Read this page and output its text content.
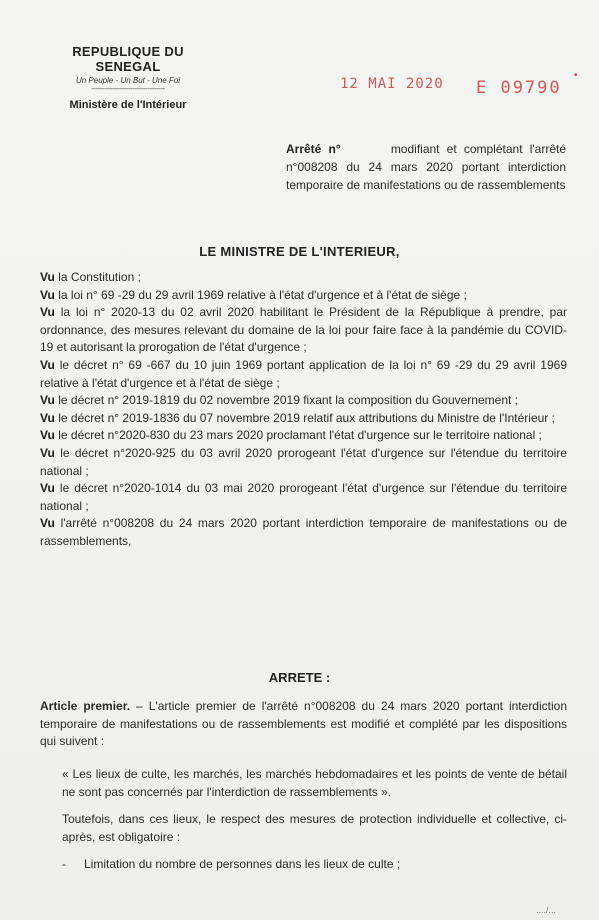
REPUBLIQUE DU SENEGAL
Un Peuple - Un But - Une Foi
----------------------------------
Ministère de l'Intérieur
12 MAI 2020
•
E 09790
Arrêté n°	modifiant et complétant l'arrêté n°008208 du 24 mars 2020 portant interdiction temporaire de manifestations ou de rassemblements
LE MINISTRE DE L'INTERIEUR,

Vu la Constitution ;

Vu la loi n° 69 -29 du 29 avril 1969 relative à l'état d'urgence et à l'état de siège ;

Vu la loi n° 2020-13 du 02 avril 2020 habilitant le Président de la République à prendre, par ordonnance, des mesures relevant du domaine de la loi pour faire face à la pandémie du COVID-19 et autorisant la prorogation de l'état d'urgence ;

Vu le décret n° 69 -667 du 10 juin 1969 portant application de la loi n° 69 -29 du 29 avril 1969 relative à l'état d'urgence et à l'état de siège ;

Vu le décret n° 2019-1819 du 02 novembre 2019 fixant la composition du Gouvernement ;

Vu le décret n° 2019-1836 du 07 novembre 2019 relatif aux attributions du Ministre de l'Intérieur ;

Vu le décret n°2020-830 du 23 mars 2020 proclamant l'état d'urgence sur le territoire national ;

Vu le décret n°2020-925 du 03 avril 2020 prorogeant l'état d'urgence sur l'étendue du territoire national ;

Vu le décret n°2020-1014 du 03 mai 2020 prorogeant l'état d'urgence sur l'étendue du territoire national ;

Vu l'arrêté n°008208 du 24 mars 2020 portant interdiction temporaire de manifestations ou de rassemblements,

ARRETE :
Article premier. – L'article premier de l'arrêté n°008208 du 24 mars 2020 portant interdiction temporaire de manifestations ou de rassemblements est modifié et complété par les dispositions qui suivent :
« Les lieux de culte, les marchés, les marchés hebdomadaires et les points de vente de bétail ne sont pas concernés par l'interdiction de rassemblements ».
Toutefois, dans ces lieux, le respect des mesures de protection individuelle et collective, ci-après, est obligatoire :
- Limitation du nombre de personnes dans les lieux de culte ;
..../...
